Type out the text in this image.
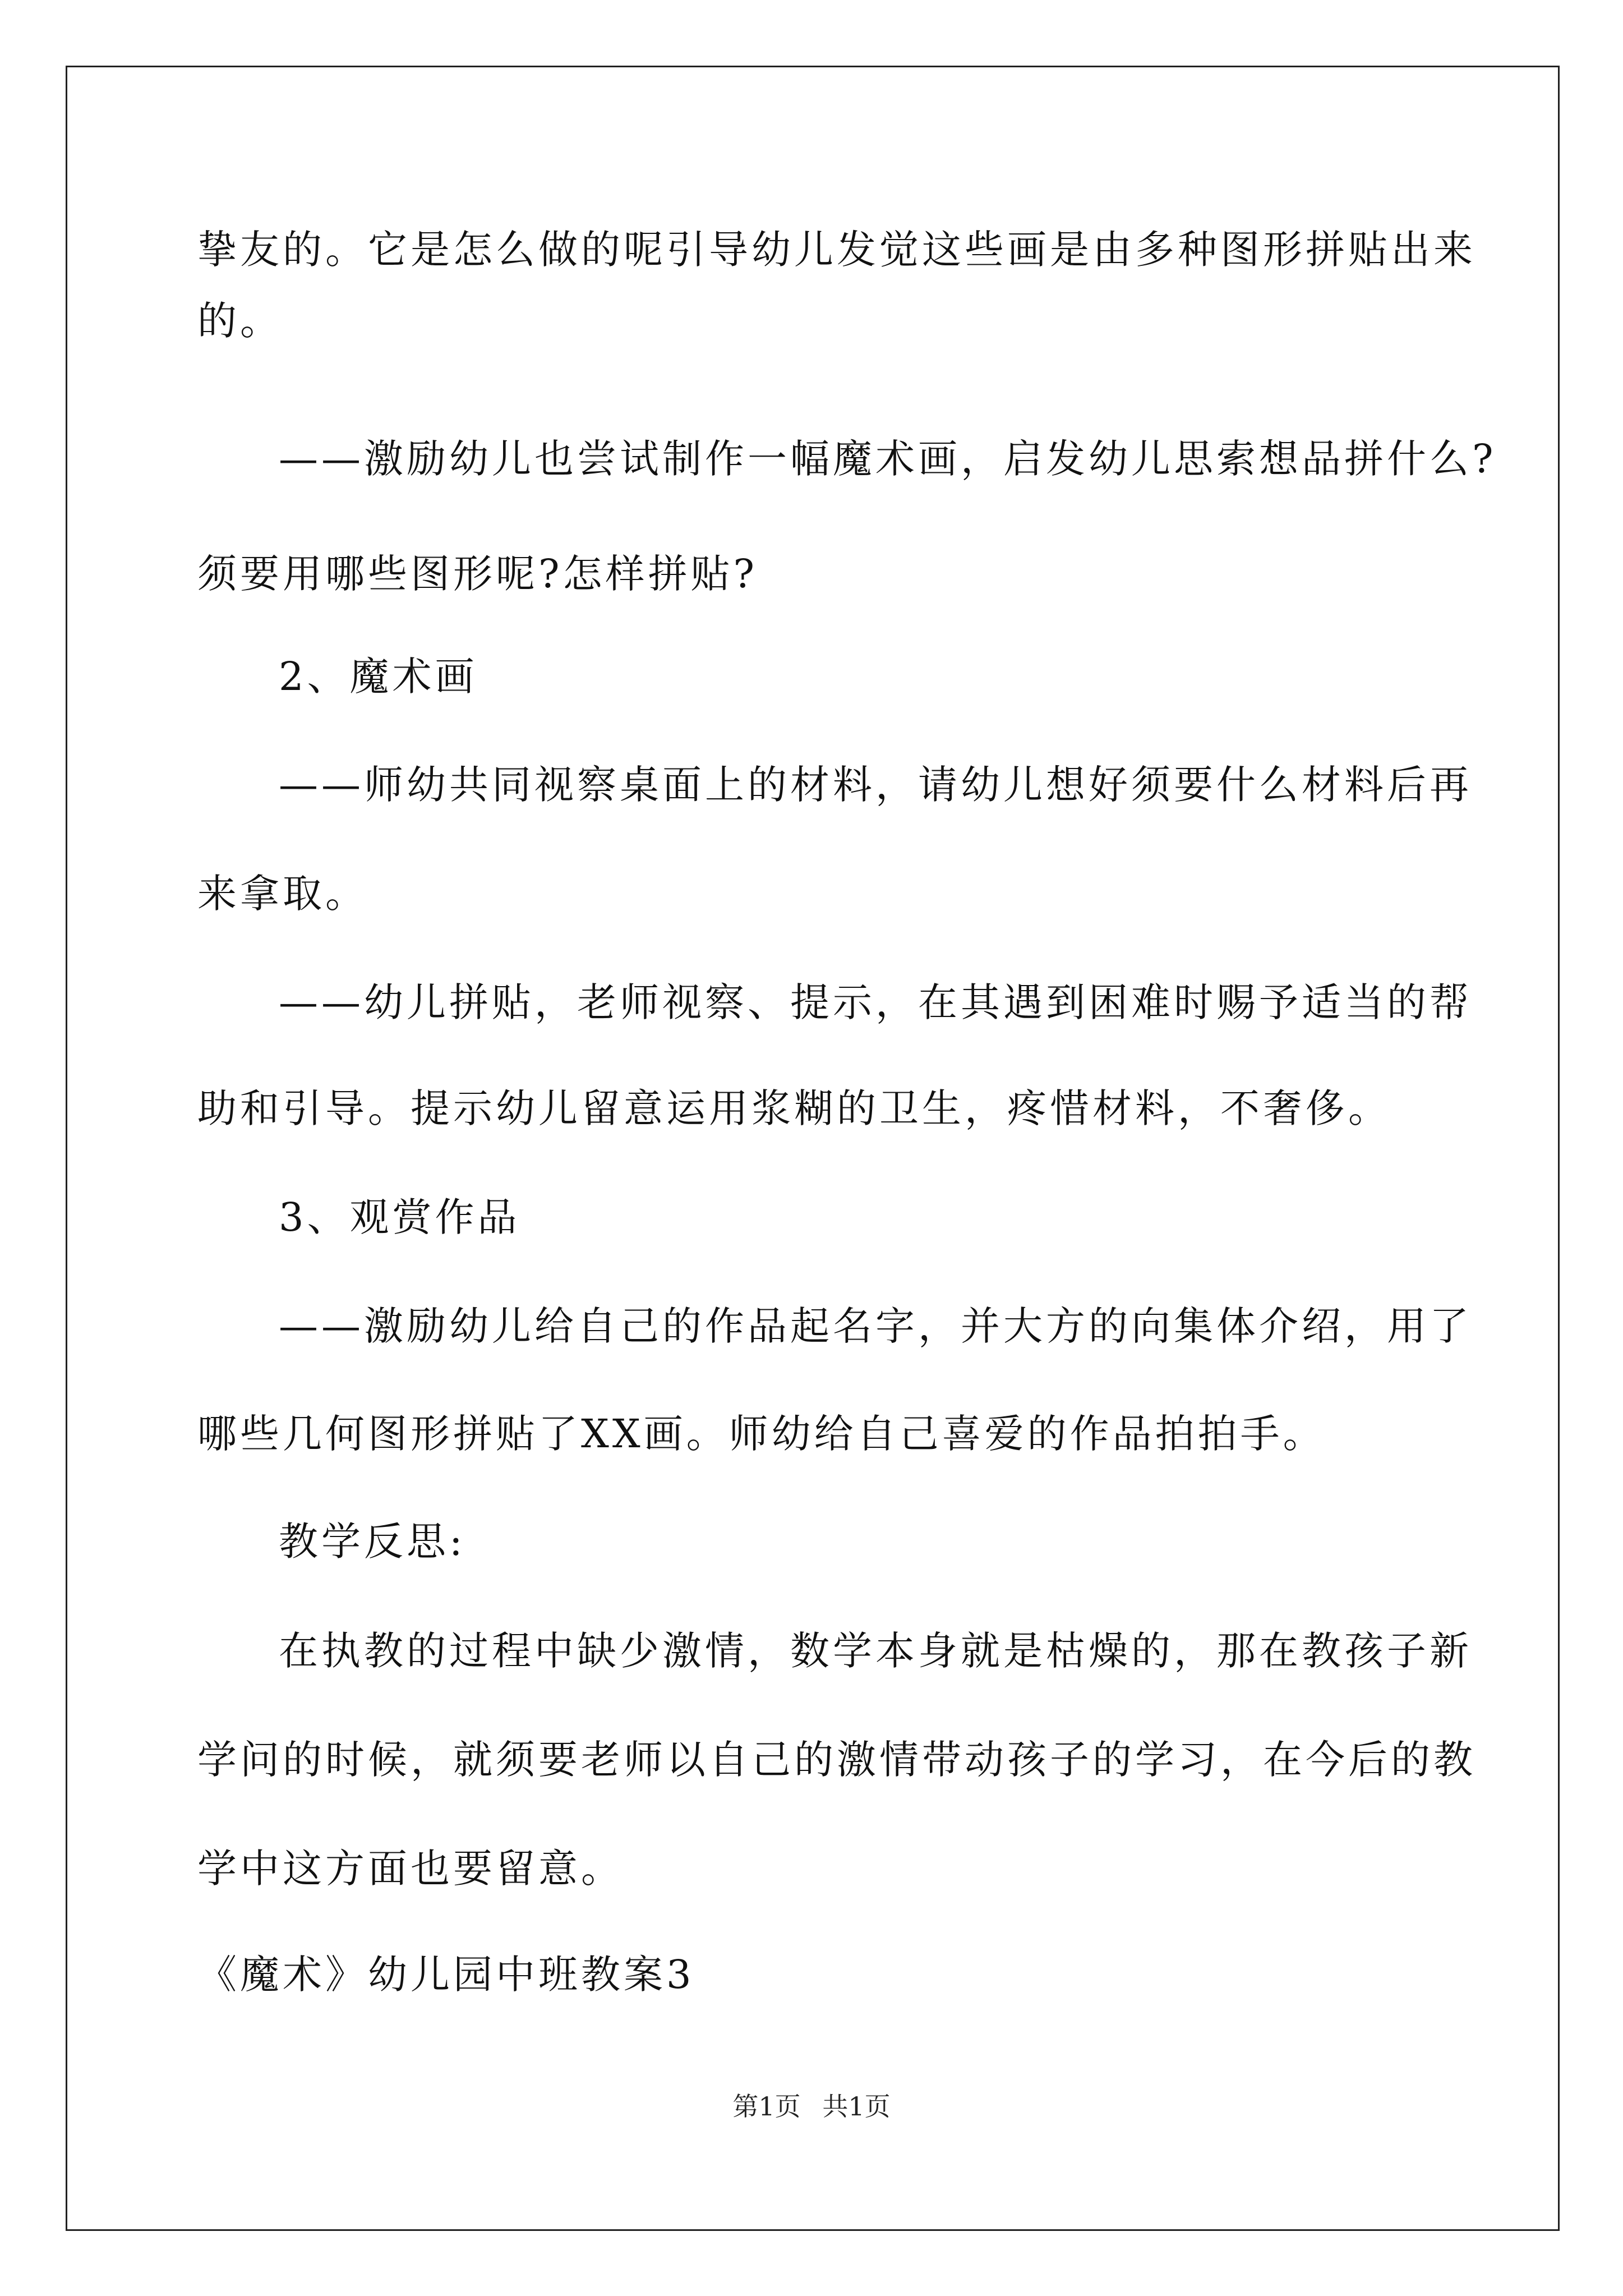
挚友的。它是怎么做的呢引导幼儿发觉这些画是由多种图形拼贴出来
的。
——激励幼儿也尝试制作一幅魔术画，启发幼儿思索想品拼什么?
须要用哪些图形呢?怎样拼贴?
2、魔术画
——师幼共同视察桌面上的材料，请幼儿想好须要什么材料后再
来拿取。
——幼儿拼贴，老师视察、提示，在其遇到困难时赐予适当的帮
助和引导。提示幼儿留意运用浆糊的卫生，疼惜材料，不奢侈。
3、观赏作品
——激励幼儿给自己的作品起名字，并大方的向集体介绍，用了
哪些几何图形拼贴了XX画。师幼给自己喜爱的作品拍拍手。
教学反思:
在执教的过程中缺少激情，数学本身就是枯燥的，那在教孩子新
学问的时候，就须要老师以自己的激情带动孩子的学习，在今后的教
学中这方面也要留意。
《魔术》幼儿园中班教案3
第1页 共1页
